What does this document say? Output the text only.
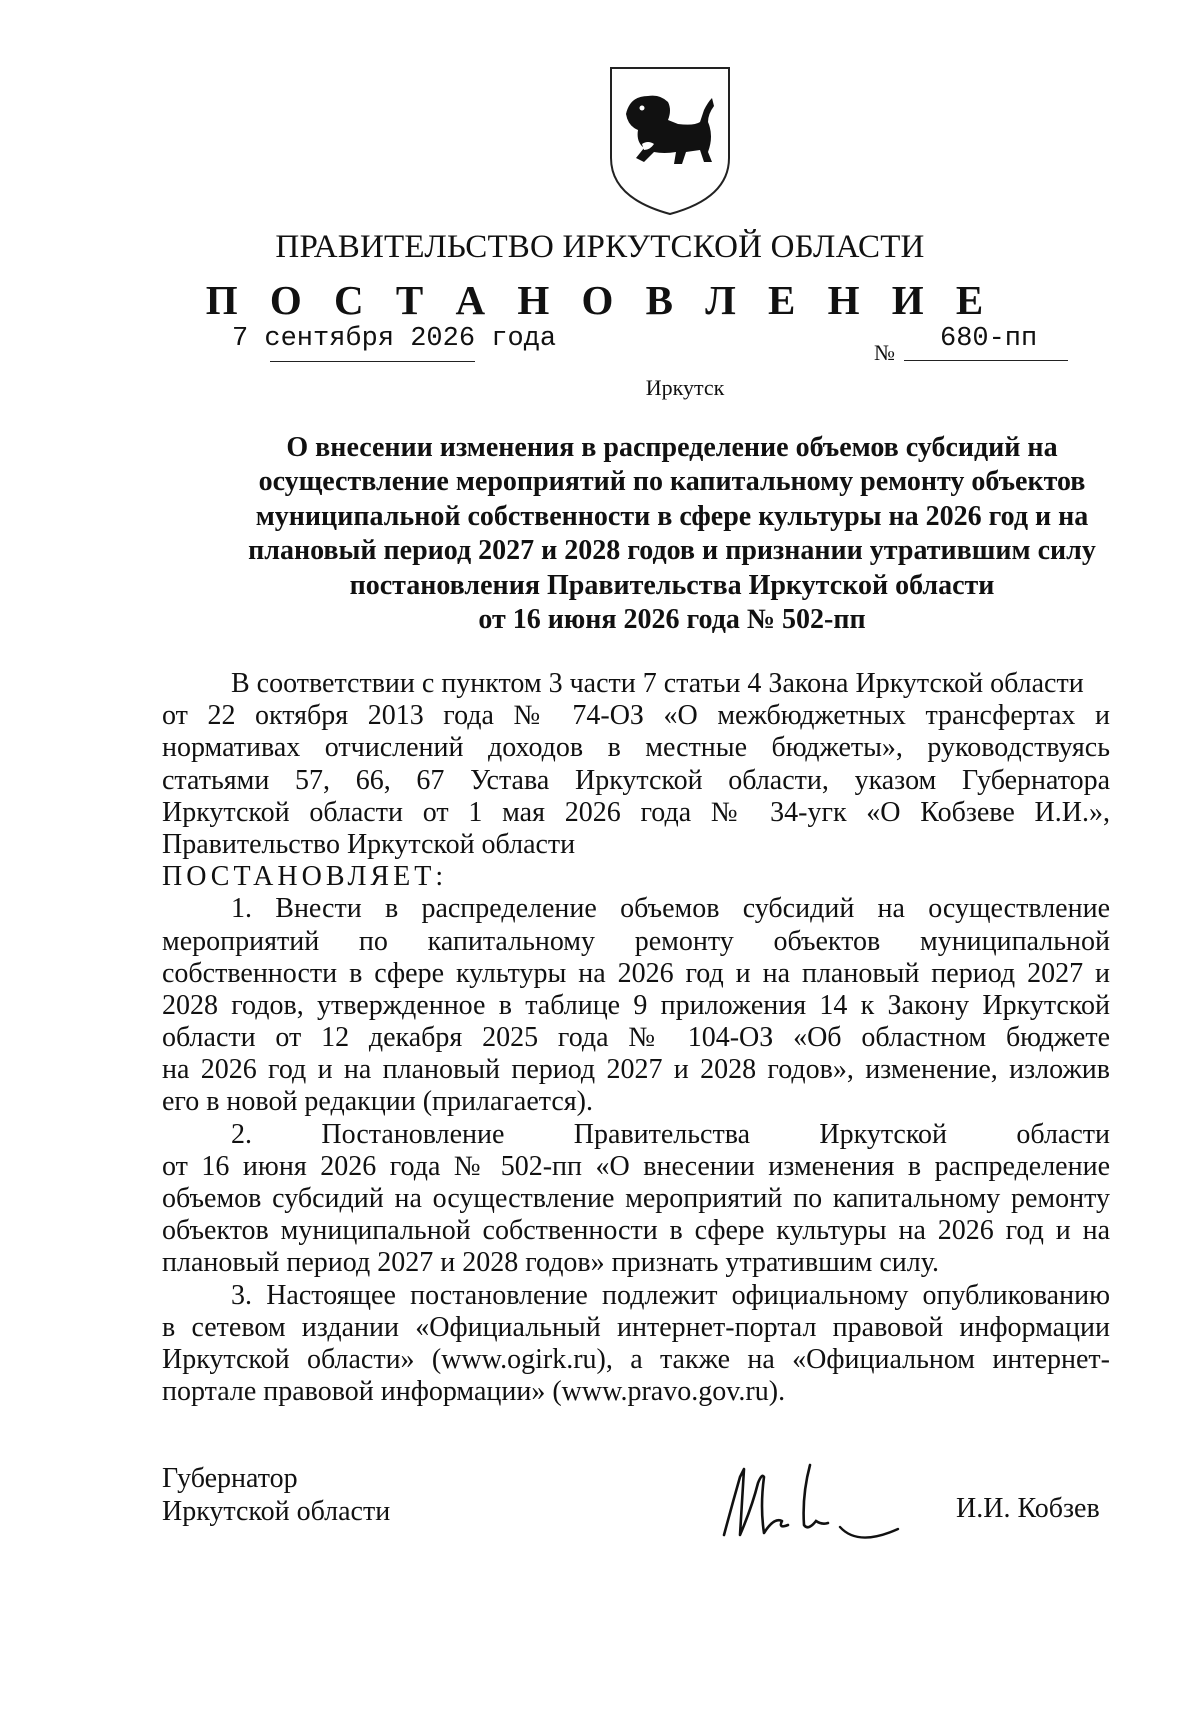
ПРАВИТЕЛЬСТВО ИРКУТСКОЙ ОБЛАСТИ
П О С Т А Н О В Л Е Н И Е
7 сентября 2026 года	№ 680-пп
Иркутск
О внесении изменения в распределение объемов субсидий на
осуществление мероприятий по капитальному ремонту объектов
муниципальной собственности в сфере культуры на 2026 год и на
плановый период 2027 и 2028 годов и признании утратившим силу
постановления Правительства Иркутской области
от 16 июня 2026 года № 502-пп
В соответствии с пунктом 3 части 7 статьи 4 Закона Иркутской области
от 22 октября 2013 года № 74-ОЗ «О межбюджетных трансфертах и
нормативах отчислений доходов в местные бюджеты», руководствуясь
статьями 57, 66, 67 Устава Иркутской области, указом Губернатора
Иркутской области от 1 мая 2026 года № 34-угк «О Кобзеве И.И.»,
Правительство Иркутской области
ПОСТАНОВЛЯЕТ:
1. Внести в распределение объемов субсидий на осуществление
мероприятий по капитальному ремонту объектов муниципальной
собственности в сфере культуры на 2026 год и на плановый период 2027 и
2028 годов, утвержденное в таблице 9 приложения 14 к Закону Иркутской
области от 12 декабря 2025 года № 104-ОЗ «Об областном бюджете
на 2026 год и на плановый период 2027 и 2028 годов», изменение, изложив
его в новой редакции (прилагается).
2. Постановление Правительства Иркутской области
от 16 июня 2026 года № 502-пп «О внесении изменения в распределение
объемов субсидий на осуществление мероприятий по капитальному ремонту
объектов муниципальной собственности в сфере культуры на 2026 год и на
плановый период 2027 и 2028 годов» признать утратившим силу.
3. Настоящее постановление подлежит официальному опубликованию
в сетевом издании «Официальный интернет-портал правовой информации
Иркутской области» (www.ogirk.ru), а также на «Официальном интернет-
портале правовой информации» (www.pravo.gov.ru).
Губернатор
Иркутской области	И.И. Кобзев
